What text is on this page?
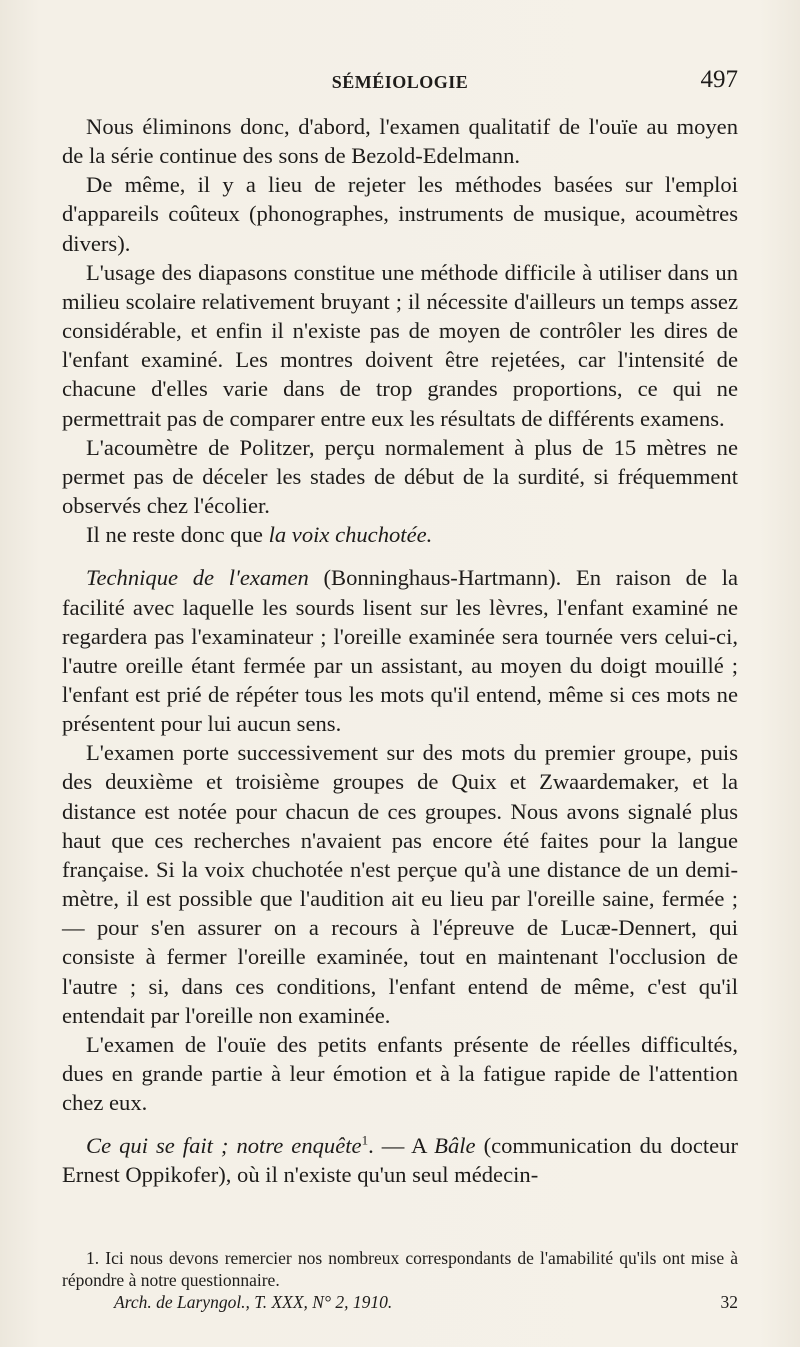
SÉMÉIOLOGIE	497

Nous éliminons donc, d'abord, l'examen qualitatif de l'ouïe au moyen de la série continue des sons de Bezold-Edelmann.

De même, il y a lieu de rejeter les méthodes basées sur l'emploi d'appareils coûteux (phonographes, instruments de musique, acoumètres divers).

L'usage des diapasons constitue une méthode difficile à utiliser dans un milieu scolaire relativement bruyant ; il nécessite d'ailleurs un temps assez considérable, et enfin il n'existe pas de moyen de contrôler les dires de l'enfant examiné. Les montres doivent être rejetées, car l'intensité de chacune d'elles varie dans de trop grandes proportions, ce qui ne permettrait pas de comparer entre eux les résultats de différents examens.

L'acoumètre de Politzer, perçu normalement à plus de 15 mètres ne permet pas de déceler les stades de début de la surdité, si fréquemment observés chez l'écolier.

Il ne reste donc que la voix chuchotée.

Technique de l'examen (Bonninghaus-Hartmann). En raison de la facilité avec laquelle les sourds lisent sur les lèvres, l'enfant examiné ne regardera pas l'examinateur ; l'oreille examinée sera tournée vers celui-ci, l'autre oreille étant fermée par un assistant, au moyen du doigt mouillé ; l'enfant est prié de répéter tous les mots qu'il entend, même si ces mots ne présentent pour lui aucun sens.

L'examen porte successivement sur des mots du premier groupe, puis des deuxième et troisième groupes de Quix et Zwaardemaker, et la distance est notée pour chacun de ces groupes. Nous avons signalé plus haut que ces recherches n'avaient pas encore été faites pour la langue française. Si la voix chuchotée n'est perçue qu'à une distance de un demi-mètre, il est possible que l'audition ait eu lieu par l'oreille saine, fermée ; — pour s'en assurer on a recours à l'épreuve de Lucæ-Dennert, qui consiste à fermer l'oreille examinée, tout en maintenant l'occlusion de l'autre ; si, dans ces conditions, l'enfant entend de même, c'est qu'il entendait par l'oreille non examinée.

L'examen de l'ouïe des petits enfants présente de réelles difficultés, dues en grande partie à leur émotion et à la fatigue rapide de l'attention chez eux.

Ce qui se fait ; notre enquête$^1$. — A Bâle (communication du docteur Ernest Oppikofer), où il n'existe qu'un seul médecin-

1. Ici nous devons remercier nos nombreux correspondants de l'amabilité qu'ils ont mise à répondre à notre questionnaire.

Arch. de Laryngol., T. XXX, N° 2, 1910.	32
